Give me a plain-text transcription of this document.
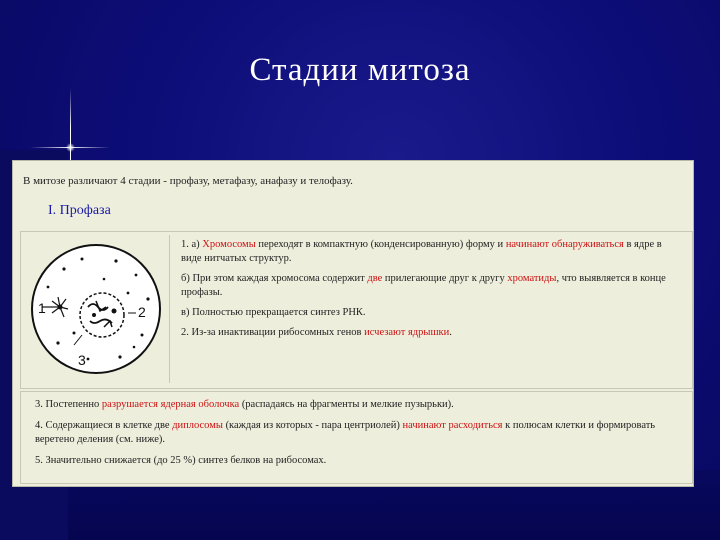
Стадии митоза
В митозе различают 4 стадии - профазу, метафазу, анафазу и телофазу.
I. Профаза
1	2
3

1. а) Хромосомы переходят в компактную (конденсированную) форму и начинают обнаруживаться в ядре в виде нитчатых структур.

б) При этом каждая хромосома содержит две прилегающие друг к другу хроматиды, что выявляется в конце профазы.

в) Полностью прекращается синтез РНК.

2. Из-за инактивации рибосомных генов исчезают ядрышки.

3. Постепенно разрушается ядерная оболочка (распадаясь на фрагменты и мелкие пузырьки).

4. Содержащиеся в клетке две диплосомы (каждая из которых - пара центриолей) начинают расходиться к полюсам клетки и формировать веретено деления (см. ниже).

5. Значительно снижается (до 25 %) синтез белков на рибосомах.
